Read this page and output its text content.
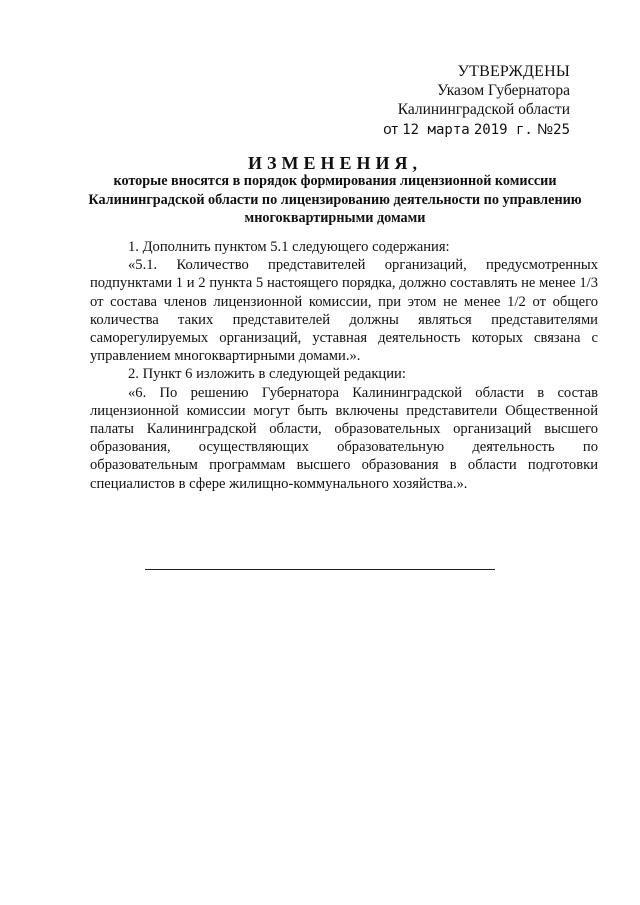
УТВЕРЖДЕНЫ
Указом Губернатора
Калининградской области
от 12 марта 2019 г. №25
ИЗМЕНЕНИЯ,
которые вносятся в порядок формирования лицензионной комиссии Калининградской области по лицензированию деятельности по управлению многоквартирными домами

1. Дополнить пунктом 5.1 следующего содержания:

«5.1. Количество представителей организаций, предусмотренных подпунктами 1 и 2 пункта 5 настоящего порядка, должно составлять не менее 1/3 от состава членов лицензионной комиссии, при этом не менее 1/2 от общего количества таких представителей должны являться представителями саморегулируемых организаций, уставная деятельность которых связана с управлением многоквартирными домами.».

2. Пункт 6 изложить в следующей редакции:

«6. По решению Губернатора Калининградской области в состав лицензионной комиссии могут быть включены представители Общественной палаты Калининградской области, образовательных организаций высшего образования, осуществляющих образовательную деятельность по образовательным программам высшего образования в области подготовки специалистов в сфере жилищно-коммунального хозяйства.».
